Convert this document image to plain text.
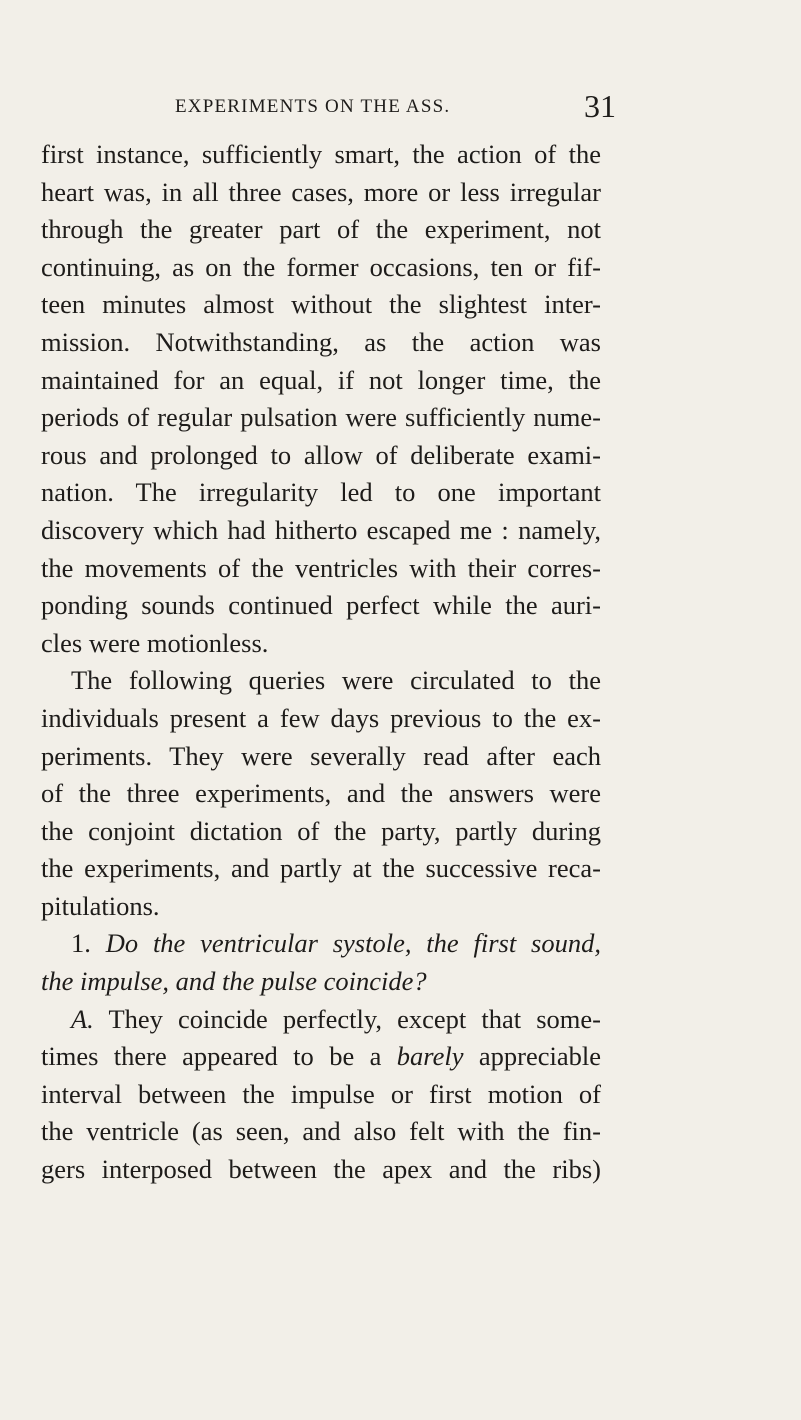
EXPERIMENTS ON THE ASS.	31
first instance, sufficiently smart, the action of the
heart was, in all three cases, more or less irregular
through the greater part of the experiment, not
continuing, as on the former occasions, ten or fif-
teen minutes almost without the slightest inter-
mission. Notwithstanding, as the action was
maintained for an equal, if not longer time, the
periods of regular pulsation were sufficiently nume-
rous and prolonged to allow of deliberate exami-
nation. The irregularity led to one important
discovery which had hitherto escaped me : namely,
the movements of the ventricles with their corres-
ponding sounds continued perfect while the auri-
cles were motionless.
The following queries were circulated to the
individuals present a few days previous to the ex-
periments. They were severally read after each
of the three experiments, and the answers were
the conjoint dictation of the party, partly during
the experiments, and partly at the successive reca-
pitulations.
1. Do the ventricular systole, the first sound,
the impulse, and the pulse coincide?
A. They coincide perfectly, except that some-
times there appeared to be a barely appreciable
interval between the impulse or first motion of
the ventricle (as seen, and also felt with the fin-
gers interposed between the apex and the ribs)
